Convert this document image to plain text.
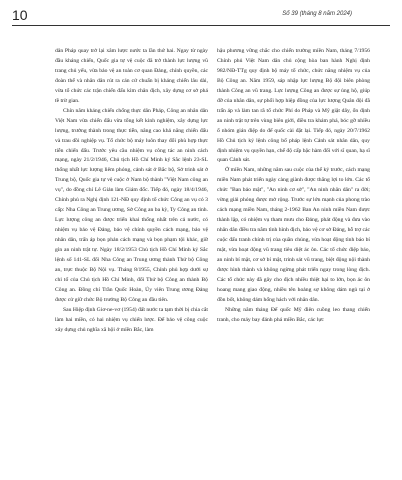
10	Số 39 (tháng 8 năm 2024)

dân Pháp quay trở lại xâm lược nước ta lần thứ hai. Ngay từ ngày đầu kháng chiến, Quốc gia tự vệ cuộc đã trở thành lực lượng vũ trang chủ yếu, vừa bảo vệ an toàn cơ quan Đảng, chính quyền, các đoàn thể và nhân dân rút ra cán cứ chuẩn bị kháng chiến lâu dài, vừa tổ chức các trận chiến đấu kìm chân địch, xây dựng cơ sở phá tề trừ gian.

Chín năm kháng chiến chống thực dân Pháp, Công an nhân dân Việt Nam vừa chiến đấu vừa tổng kết kinh nghiệm, xây dựng lực lượng, trưởng thành trong thực tiễn, nâng cao khả năng chiến đấu và trau dồi nghiệp vụ. Tổ chức bộ máy luôn thay đổi phù hợp thực tiễn chiến đấu. Trước yêu cầu nhiệm vụ công tác an ninh cách mạng, ngày 21/2/1946, Chủ tịch Hồ Chí Minh ký Sắc lệnh 23-SL thống nhất lực lượng liêm phóng, cảnh sát ở Bắc bộ, Sở trinh sát ở Trung bộ, Quốc gia tự vệ cuộc ở Nam bộ thành "Việt Nam công an vụ", do đồng chí Lê Giản làm Giám đốc. Tiếp đó, ngày 18/4/1946, Chính phủ ra Nghị định 121-NĐ quy định tổ chức Công an vụ có 3 cấp: Nha Công an Trung ương, Sở Công an ba kỳ, Ty Công an tỉnh. Lực lượng công an được triển khai thống nhất trên cả nước, có nhiệm vụ bảo vệ Đảng, bảo vệ chính quyền cách mạng, bảo vệ nhân dân, trấn áp bọn phản cách mạng và bọn phạm tội khác, giữ gìn an ninh trật tự. Ngày 18/2/1953 Chủ tịch Hồ Chí Minh ký Sắc lệnh số 141-SL đổi Nha Công an Trung ương thành Thứ bộ Công an, trực thuộc Bộ Nội vụ. Tháng 8/1955, Chính phủ hợp dưới sự chỉ tố của Chủ tịch Hồ Chí Minh, đổi Thứ bộ Công an thành Bộ Công an. Đồng chí Trần Quốc Hoàn, Ủy viên Trung ương Đảng được cử giữ chức Bộ trưởng Bộ Công an đầu tiên.

Sau Hiệp định Giơ-ne-vơ (1954) đất nước ta tạm thời bị chia cắt làm hai miền, có hai nhiệm vụ chiến lược. Để bảo vệ công cuộc xây dựng chủ nghĩa xã hội ở miền Bắc, làm

hậu phương vững chắc cho chiến trường miền Nam, tháng 7/1956 Chính phủ Việt Nam dân chủ cộng hòa ban hành Nghị định 982/NĐ-TTg quy định bộ máy tổ chức, chức năng nhiệm vụ của Bộ Công an. Năm 1959, sáp nhập lực lượng Bộ đội biên phòng thành Công an vũ trang. Lực lượng Công an được sự ủng hộ, giúp đỡ của nhân dân, sự phối hợp hiệp đồng của lực lượng Quân đội đã trấn áp và làm tan rã tổ chức Phỉ do Pháp và Mỹ giật dây, ổn định an ninh trật tự trên vùng biên giới, điều tra khám phá, bóc gỡ nhiều ổ nhóm gián điệp do đế quốc cài đặt lại. Tiếp đó, ngày 20/7/1962 Hồ Chủ tịch ký lệnh công bố pháp lệnh Cảnh sát nhân dân, quy định nhiệm vụ quyền hạn, chế độ cấp bậc hàm đối với sĩ quan, hạ sĩ quan Cảnh sát.

Ở miền Nam, những năm sau cuộc của thế kỷ trước, cách mạng miền Nam phát triển ngày càng giành được thắng lợi to lớn. Các tổ chức "Ban bảo mật", "An ninh cơ sở", "An ninh nhân dân" ra đời; vừng giải phóng được mở rộng. Trước sự lớn mạnh của phong trào cách mạng miền Nam, tháng 2-1962 Ban An ninh miền Nam được thành lập, có nhiệm vụ tham mưu cho Đảng, phát động và đưa vào nhân dân điều tra nắm tình hình địch, bảo vệ cơ sở Đảng, hỗ trợ các cuộc đấu tranh chính trị của quần chúng, vừa hoạt động tình báo bí mật, vừa hoạt động vũ trang tiêu diệt ác ôn. Các tổ chức điệp báo, an ninh bí mật, cơ sở bí mật, trinh sát vũ trang, biệt động nội thành được hình thành và không ngừng phát triển ngay trong lòng địch. Các tổ chức này đã gây cho địch nhiều thiệt hại to lớn, bọn ác ôn hoang mang giao động, nhiều tên hoảng sợ không dám ngủ tại ở đồn bốt, không dám hống hách với nhân dân.

Những năm tháng Đế quốc Mỹ điên cuồng leo thang chiến tranh, cho máy bay đánh phá miền Bắc, các lực
